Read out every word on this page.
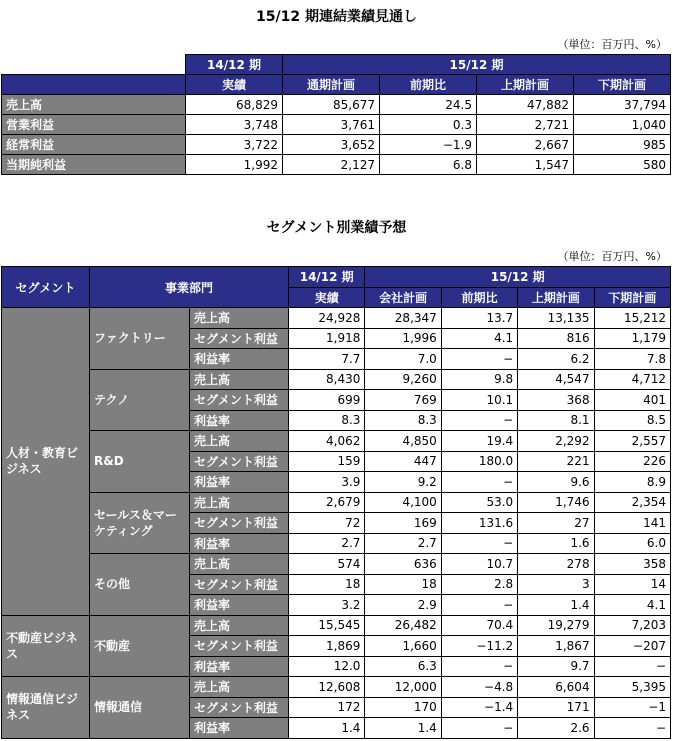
15/12 期連結業績見通し
（単位：百万円、%）
	14/12 期	15/12 期			
	実績	通期計画	前期比	上期計画	下期計画
売上高	68,829	85,677	24.5	47,882	37,794
営業利益	3,748	3,761	0.3	2,721	1,040
経常利益	3,722	3,652	−1.9	2,667	985
当期純利益	1,992	2,127	6.8	1,547	580
セグメント別業績予想
（単位：百万円、%）
セグメント	事業部門		14/12 期	15/12 期			
			実績	会社計画	前期比	上期計画	下期計画
人材・教育ビジネス	ファクトリー	売上高	24,928	28,347	13.7	13,135	15,212
		セグメント利益	1,918	1,996	4.1	816	1,179
		利益率	7.7	7.0	−	6.2	7.8
	テクノ	売上高	8,430	9,260	9.8	4,547	4,712
		セグメント利益	699	769	10.1	368	401
		利益率	8.3	8.3	−	8.1	8.5
	R&D	売上高	4,062	4,850	19.4	2,292	2,557
		セグメント利益	159	447	180.0	221	226
		利益率	3.9	9.2	−	9.6	8.9
	セールス＆マーケティング	売上高	2,679	4,100	53.0	1,746	2,354
		セグメント利益	72	169	131.6	27	141
		利益率	2.7	2.7	−	1.6	6.0
	その他	売上高	574	636	10.7	278	358
		セグメント利益	18	18	2.8	3	14
		利益率	3.2	2.9	−	1.4	4.1
不動産ビジネス	不動産	売上高	15,545	26,482	70.4	19,279	7,203
		セグメント利益	1,869	1,660	−11.2	1,867	−207
		利益率	12.0	6.3	−	9.7	−
情報通信ビジネス	情報通信	売上高	12,608	12,000	−4.8	6,604	5,395
		セグメント利益	172	170	−1.4	171	−1
		利益率	1.4	1.4	−	2.6	−
